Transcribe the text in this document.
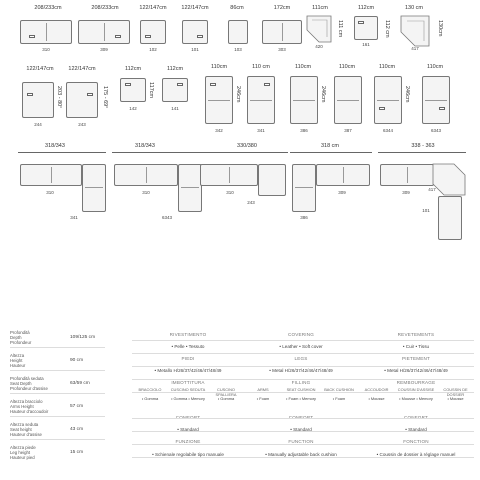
208/233cm
310
208/233cm
309
122/147cm
102
122/147cm
101
86cm
103
172cm
303
111cm
111 cm
420
112cm
112 cm
161
130 cm
130cm
417
122/147cm
203 - 80°
244
122/147cm
175 - 69°
243
112cm
117cm
142
112cm
141
110cm
246cm
342
110 cm
341
110cm
246cm
386
110cm
387
110cm
246cm
6344
110cm
6343
318/343
310
341
318/343
310
6343
330/380
310
243
318 cm
309
386
338 - 363
309
417
101
Profondità
Depth
Profondeur
109/125 cm
Altezza
Height
Hauteur
90 cm
Profondità seduta
Seat Depth
Profondeur d'assise
63/59 cm
Altezza bracciolo
Arms Height
Hauteur d'accoudoir
57 cm
Altezza seduta
Seat height
Hauteur d'assise
43 cm
Altezza piede
Leg height
Hauteur pied
15 cm
RIVESTIMENTO
• Pelle • Tessuto
PIEDI
• Metallo H/26/37/42/46/47/48/49
IMBOTTITURA
BRACCIOLO
• Gomma
CUSCINO SEDUTA
• Gomma • Memory
CUSCINO SPALLIERA
• Gomma
COMFORT
• Standard
FUNZIONE
• Schienale regolabile tipo manuale
COVERING
• Leather • Soft cover
LEGS
• Metal H/26/37/42/46/47/48/49
FILLING
ARMS
• Foam
SEAT CUSHION
• Foam • Memory
BACK CUSHION
• Foam
COMFORT
• Standard
FUNCTION
• Manually adjustable back cushion
REVETEMENTS
• Cuir • Tissu
PIETEMENT
• Metal H/26/37/42/46/47/48/49
REMBOURRAGE
ACCOUDOIR
• Mousse
COUSSIN D'ASSISE
• Mousse • Memory
COUSSIN DE DOSSIER
• Mousse
CONFORT
• Standard
FONCTION
• Coussin de dossier à réglage manuel
